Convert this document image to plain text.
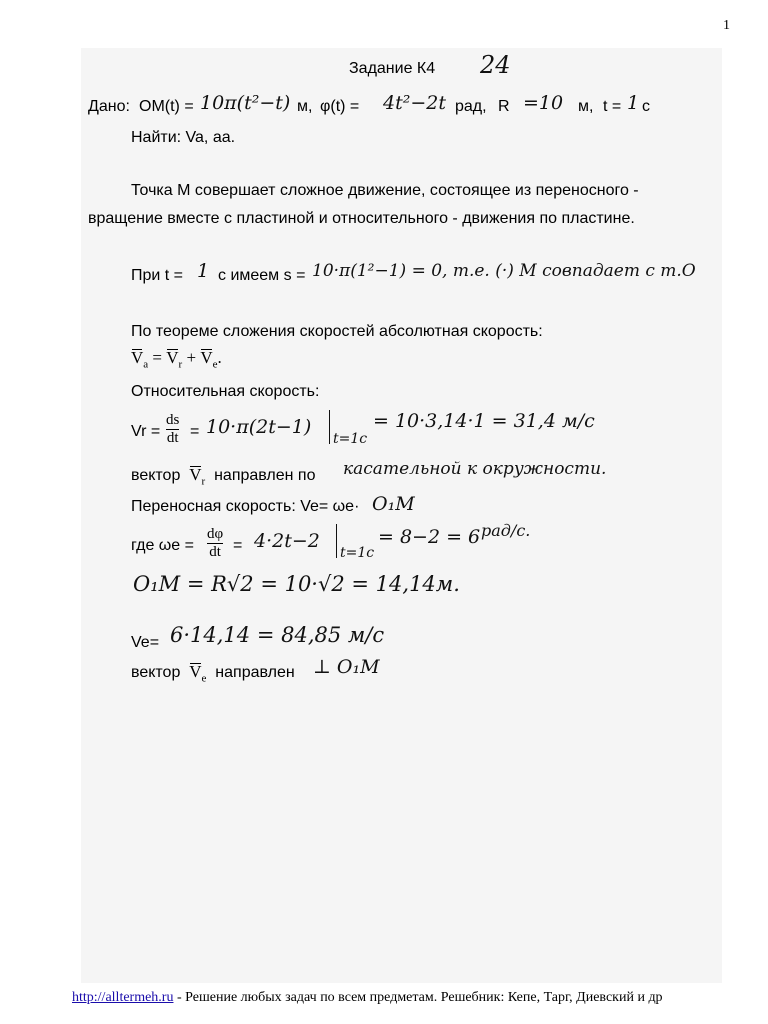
1
Задание К4 24
Дано: OM(t) = 10π(t²−t) м, φ(t) = 4t²−2t рад, R =10 м, t = 1 с
Найти: Va, aa.
Точка М совершает сложное движение, состоящее из переносного -
вращение вместе с пластиной и относительного - движения по пластине.
При t = 1 с имеем s = 10·π(1²−1) = 0, т.е. (·) М совпадает с т.О
По теореме сложения скоростей абсолютная скорость:
$V_a = V_r + V_e$.
Относительная скорость:
Vr =
ds
dt = 10·π(2t−1)
t=1c
= 10·3,14·1 = 31,4 м/с
вектор $V_r$ направлен по касательной к окружности.
Переносная скорость: Ve= ωe· O₁M
где ωe =
dφ
dt = 4·2t−2
t=1c
= 8−2 = 6 рад/с.
O₁M = R√2 = 10·√2 = 14,14м.
Ve= 6·14,14 = 84,85 м/с
вектор $V_e$ направлен ⊥ O₁M
http://alltermeh.ru - Решение любых задач по всем предметам. Решебник: Кепе, Тарг, Диевский и др
